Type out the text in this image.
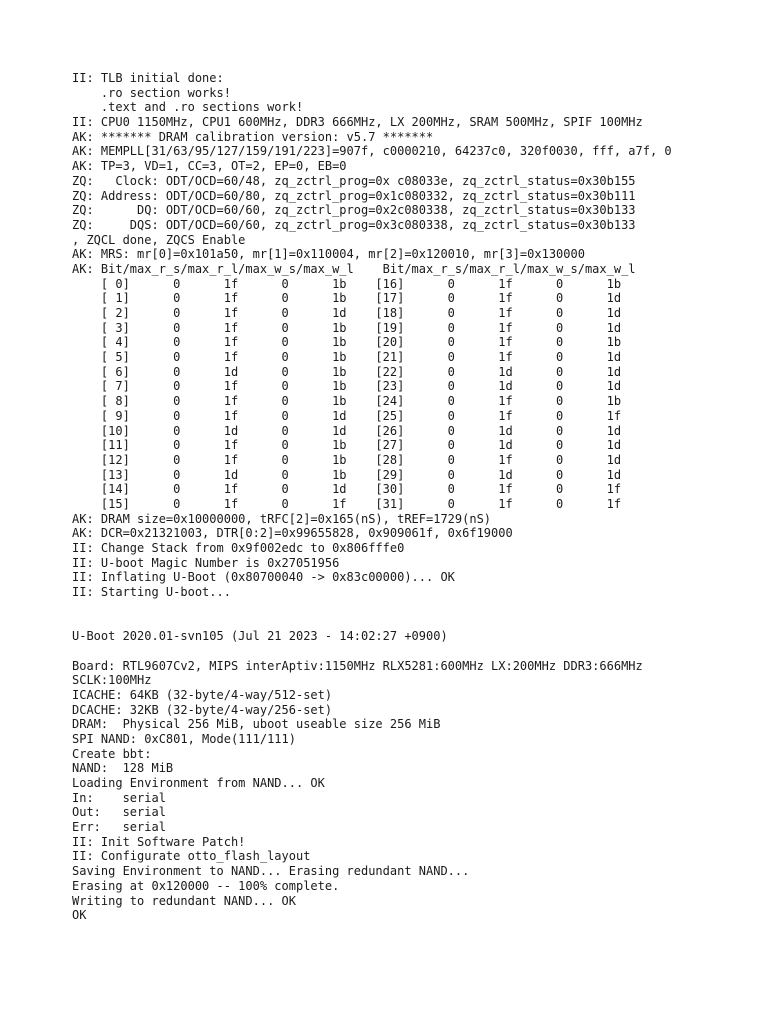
II: TLB initial done:
.ro section works!
.text and .ro sections work!
II: CPU0 1150MHz, CPU1 600MHz, DDR3 666MHz, LX 200MHz, SRAM 500MHz, SPIF 100MHz
AK: ******* DRAM calibration version: v5.7 *******
AK: MEMPLL[31/63/95/127/159/191/223]=907f, c0000210, 64237c0, 320f0030, fff, a7f, 0
AK: TP=3, VD=1, CC=3, OT=2, EP=0, EB=0
ZQ:   Clock: ODT/OCD=60/48, zq_zctrl_prog=0x c08033e, zq_zctrl_status=0x30b155
ZQ: Address: ODT/OCD=60/80, zq_zctrl_prog=0x1c080332, zq_zctrl_status=0x30b111
ZQ:      DQ: ODT/OCD=60/60, zq_zctrl_prog=0x2c080338, zq_zctrl_status=0x30b133
ZQ:     DQS: ODT/OCD=60/60, zq_zctrl_prog=0x3c080338, zq_zctrl_status=0x30b133
, ZQCL done, ZQCS Enable
AK: MRS: mr[0]=0x101a50, mr[1]=0x110004, mr[2]=0x120010, mr[3]=0x130000
AK: Bit/max_r_s/max_r_l/max_w_s/max_w_l    Bit/max_r_s/max_r_l/max_w_s/max_w_l
[ 0]      0      1f      0      1b    [16]      0      1f      0      1b
[ 1]      0      1f      0      1b    [17]      0      1f      0      1d
[ 2]      0      1f      0      1d    [18]      0      1f      0      1d
[ 3]      0      1f      0      1b    [19]      0      1f      0      1d
[ 4]      0      1f      0      1b    [20]      0      1f      0      1b
[ 5]      0      1f      0      1b    [21]      0      1f      0      1d
[ 6]      0      1d      0      1b    [22]      0      1d      0      1d
[ 7]      0      1f      0      1b    [23]      0      1d      0      1d
[ 8]      0      1f      0      1b    [24]      0      1f      0      1b
[ 9]      0      1f      0      1d    [25]      0      1f      0      1f
[10]      0      1d      0      1d    [26]      0      1d      0      1d
[11]      0      1f      0      1b    [27]      0      1d      0      1d
[12]      0      1f      0      1b    [28]      0      1f      0      1d
[13]      0      1d      0      1b    [29]      0      1d      0      1d
[14]      0      1f      0      1d    [30]      0      1f      0      1f
[15]      0      1f      0      1f    [31]      0      1f      0      1f
AK: DRAM size=0x10000000, tRFC[2]=0x165(nS), tREF=1729(nS)
AK: DCR=0x21321003, DTR[0:2]=0x99655828, 0x909061f, 0x6f19000
II: Change Stack from 0x9f002edc to 0x806fffe0
II: U-boot Magic Number is 0x27051956
II: Inflating U-Boot (0x80700040 -> 0x83c00000)... OK
II: Starting U-boot...
U-Boot 2020.01-svn105 (Jul 21 2023 - 14:02:27 +0900)
Board: RTL9607Cv2, MIPS interAptiv:1150MHz RLX5281:600MHz LX:200MHz DDR3:666MHz
SCLK:100MHz
ICACHE: 64KB (32-byte/4-way/512-set)
DCACHE: 32KB (32-byte/4-way/256-set)
DRAM:  Physical 256 MiB, uboot useable size 256 MiB
SPI NAND: 0xC801, Mode(111/111)
Create bbt:
NAND:  128 MiB
Loading Environment from NAND... OK
In:    serial
Out:   serial
Err:   serial
II: Init Software Patch!
II: Configurate otto_flash_layout
Saving Environment to NAND... Erasing redundant NAND...
Erasing at 0x120000 -- 100% complete.
Writing to redundant NAND... OK
OK
